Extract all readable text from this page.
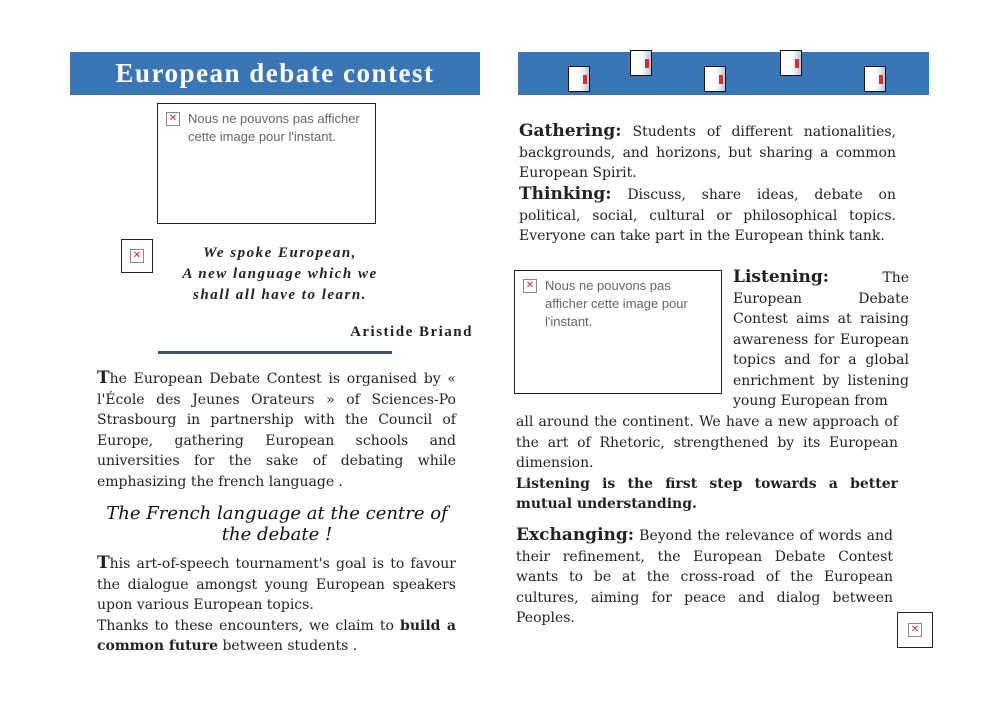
European debate contest
✕ Nous ne pouvons pas afficher cette image pour l'instant.
✕	We spoke European,
A new language which we
shall all have to learn.
Aristide Briand
The European Debate Contest is organised by « l'École des Jeunes Orateurs » of Sciences-Po Strasbourg in partnership with the Council of Europe, gathering European schools and universities for the sake of debating while emphasizing the french language .
The French language at the centre of the debate !
This art-of-speech tournament's goal is to favour the dialogue amongst young European speakers upon various European topics.
Thanks to these encounters, we claim to build a common future between students .
Gathering: Students of different nationalities, backgrounds, and horizons, but sharing a common European Spirit.
Thinking: Discuss, share ideas, debate on political, social, cultural or philosophical topics. Everyone can take part in the European think tank.
✕ Nous ne pouvons pas afficher cette image pour l'instant.
Listening:	The European Debate Contest aims at raising awareness for European topics and for a global enrichment by listening young European from
all around the continent. We have a new approach of the art of Rhetoric, strengthened by its European dimension.
Listening is the first step towards a better mutual understanding.
Exchanging: Beyond the relevance of words and their refinement, the European Debate Contest wants to be at the cross-road of the European cultures, aiming for peace and dialog between Peoples.
✕
